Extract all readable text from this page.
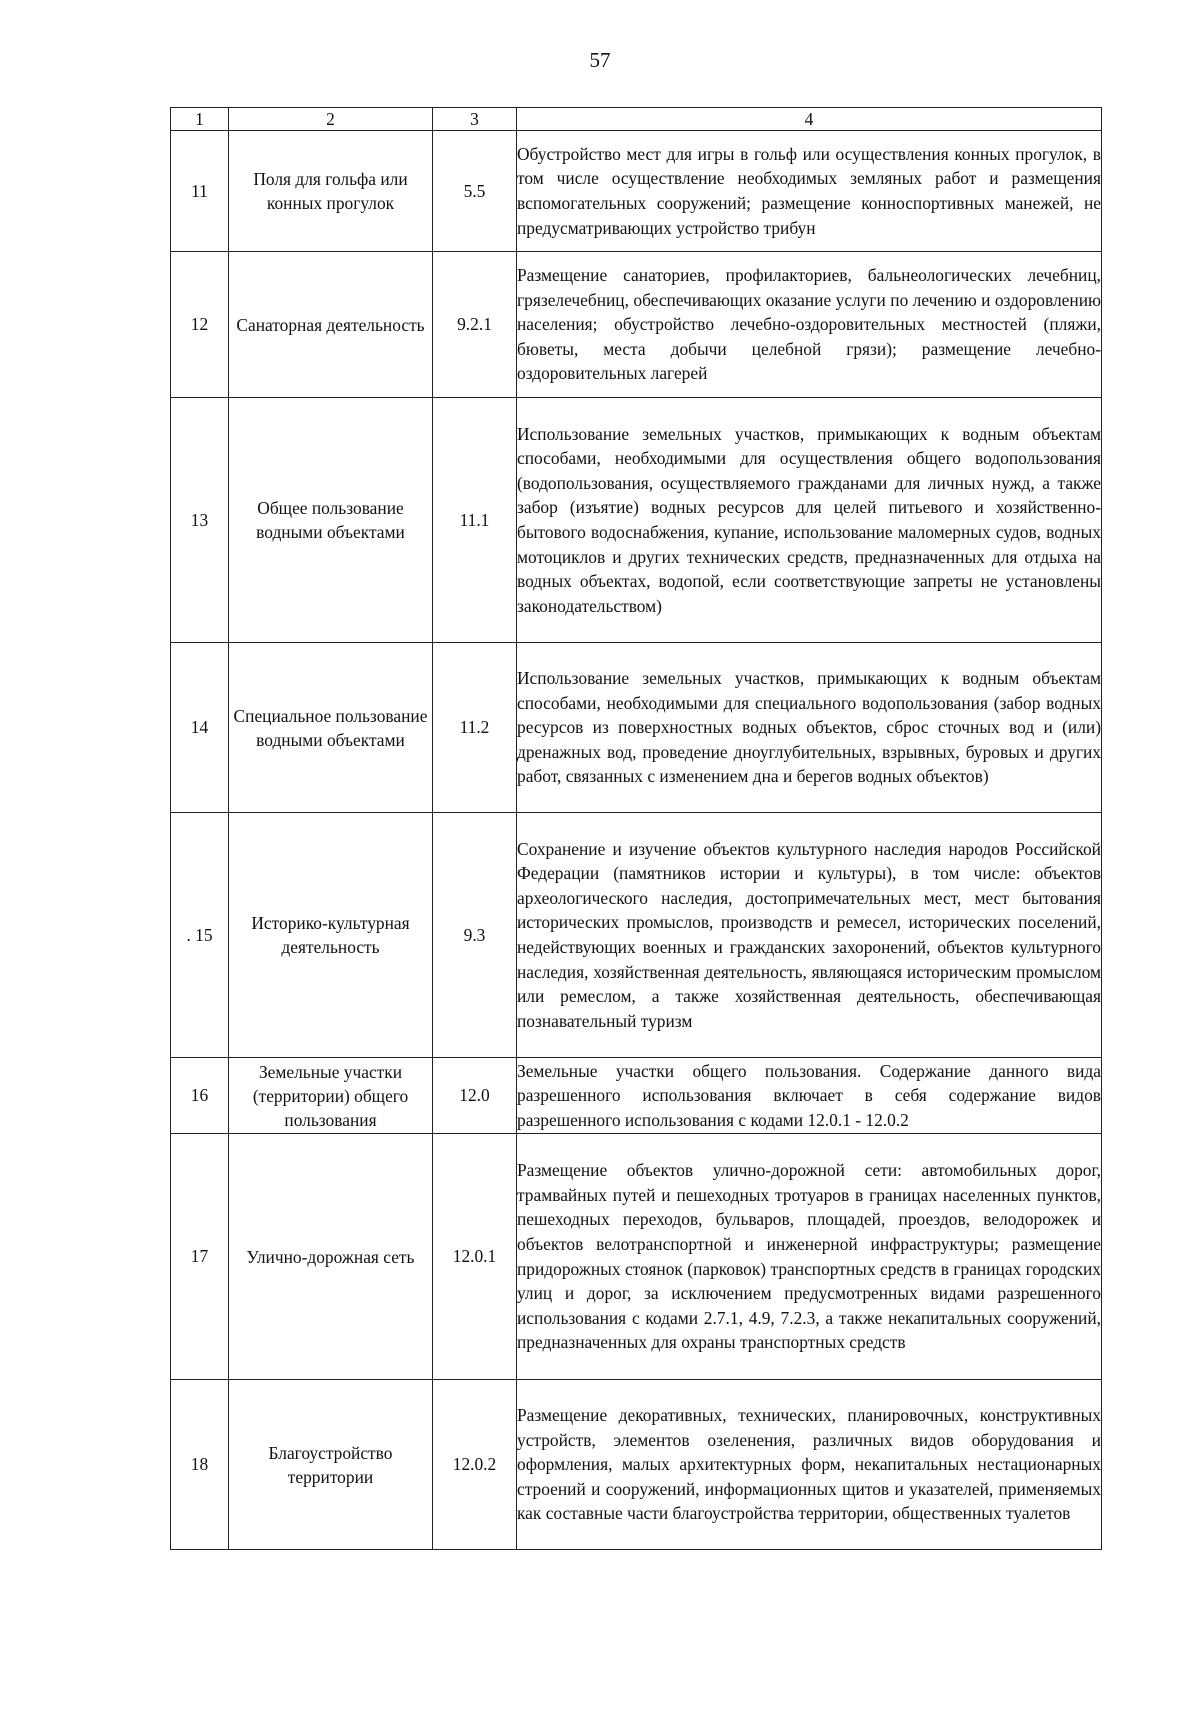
57
1	2	3	4
11	Поля для гольфа или конных прогулок	5.5	Обустройство мест для игры в гольф или осуществления конных прогулок, в том числе осуществление необходимых земляных работ и размещения вспомогательных сооружений; размещение конноспортивных манежей, не предусматривающих устройство трибун
12	Санаторная деятельность	9.2.1	Размещение санаториев, профилакториев, бальнеологических лечебниц, грязелечебниц, обеспечивающих оказание услуги по лечению и оздоровлению населения; обустройство лечебно-оздоровительных местностей (пляжи, бюветы, места добычи целебной грязи); размещение лечебно-оздоровительных лагерей
13	Общее пользование водными объектами	11.1	Использование земельных участков, примыкающих к водным объектам способами, необходимыми для осуществления общего водопользования (водопользования, осуществляемого гражданами для личных нужд, а также забор (изъятие) водных ресурсов для целей питьевого и хозяйственно-бытового водоснабжения, купание, использование маломерных судов, водных мотоциклов и других технических средств, предназначенных для отдыха на водных объектах, водопой, если соответствующие запреты не установлены законодательством)
14	Специальное пользование водными объектами	11.2	Использование земельных участков, примыкающих к водным объектам способами, необходимыми для специального водопользования (забор водных ресурсов из поверхностных водных объектов, сброс сточных вод и (или) дренажных вод, проведение дноуглубительных, взрывных, буровых и других работ, связанных с изменением дна и берегов водных объектов)
. 15	Историко-культурная деятельность	9.3	Сохранение и изучение объектов культурного наследия народов Российской Федерации (памятников истории и культуры), в том числе: объектов археологического наследия, достопримечательных мест, мест бытования исторических промыслов, производств и ремесел, исторических поселений, недействующих военных и гражданских захоронений, объектов культурного наследия, хозяйственная деятельность, являющаяся историческим промыслом или ремеслом, а также хозяйственная деятельность, обеспечивающая познавательный туризм
16	Земельные участки (территории) общего пользования	12.0	Земельные участки общего пользования. Содержание данного вида разрешенного использования включает в себя содержание видов разрешенного использования с кодами 12.0.1 - 12.0.2
17	Улично-дорожная сеть	12.0.1	Размещение объектов улично-дорожной сети: автомобильных дорог, трамвайных путей и пешеходных тротуаров в границах населенных пунктов, пешеходных переходов, бульваров, площадей, проездов, велодорожек и объектов велотранспортной и инженерной инфраструктуры; размещение придорожных стоянок (парковок) транспортных средств в границах городских улиц и дорог, за исключением предусмотренных видами разрешенного использования с кодами 2.7.1, 4.9, 7.2.3, а также некапитальных сооружений, предназначенных для охраны транспортных средств
18	Благоустройство территории	12.0.2	Размещение декоративных, технических, планировочных, конструктивных устройств, элементов озеленения, различных видов оборудования и оформления, малых архитектурных форм, некапитальных нестационарных строений и сооружений, информационных щитов и указателей, применяемых как составные части благоустройства территории, общественных туалетов
